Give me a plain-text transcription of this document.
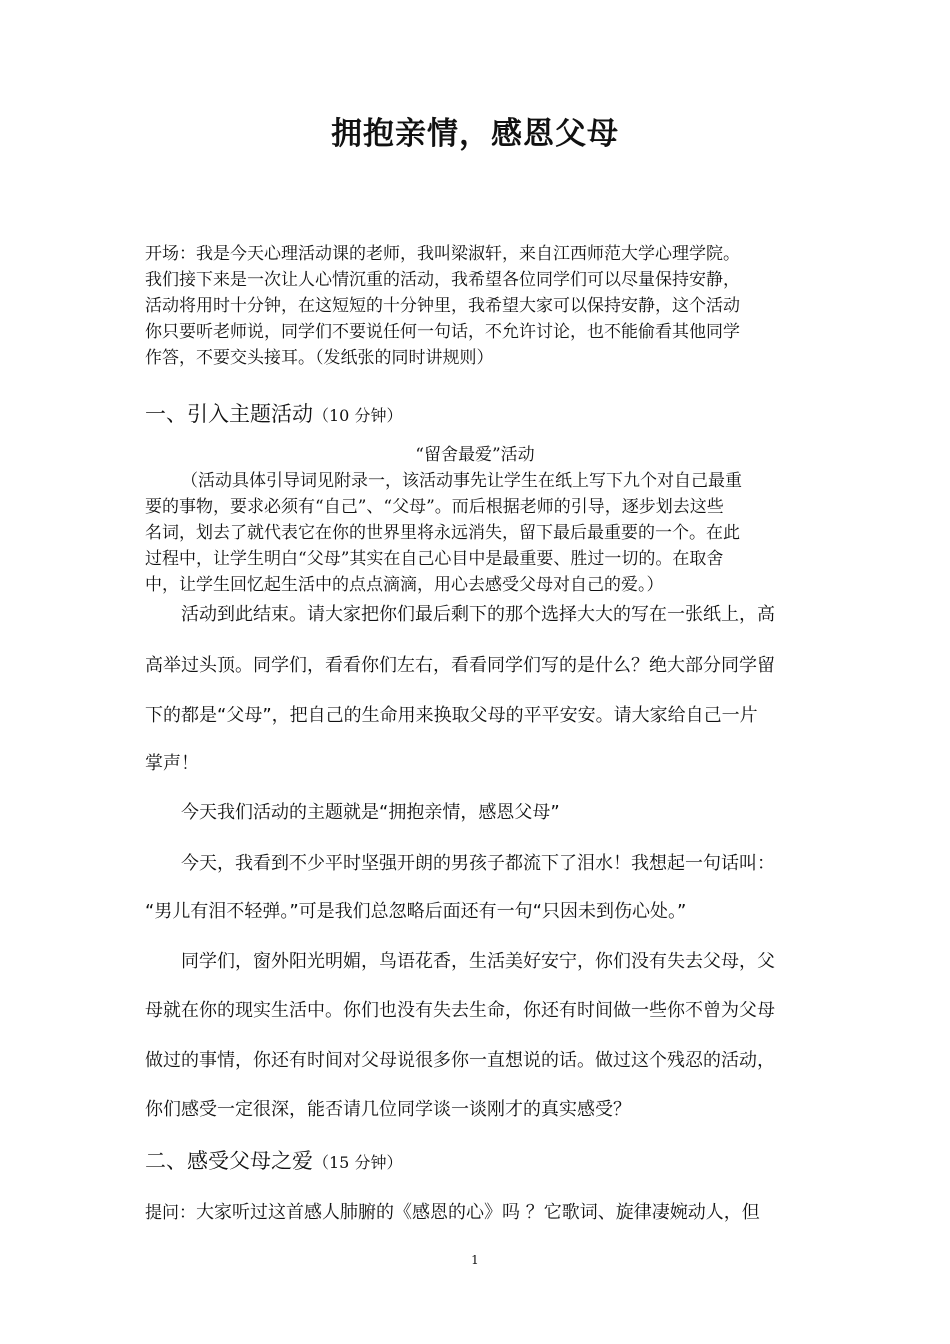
拥抱亲情，感恩父母
开场：我是今天心理活动课的老师，我叫梁淑轩，来自江西师范大学心理学院。
我们接下来是一次让人心情沉重的活动，我希望各位同学们可以尽量保持安静，
活动将用时十分钟，在这短短的十分钟里，我希望大家可以保持安静，这个活动
你只要听老师说，同学们不要说任何一句话，不允许讨论，也不能偷看其他同学
作答，不要交头接耳。（发纸张的同时讲规则）
一、引入主题活动（10 分钟）
“留舍最爱”活动
（活动具体引导词见附录一，该活动事先让学生在纸上写下九个对自己最重
要的事物，要求必须有“自己”、“父母”。而后根据老师的引导，逐步划去这些
名词，划去了就代表它在你的世界里将永远消失，留下最后最重要的一个。在此
过程中，让学生明白“父母”其实在自己心目中是最重要、胜过一切的。在取舍
中，让学生回忆起生活中的点点滴滴，用心去感受父母对自己的爱。）
活动到此结束。请大家把你们最后剩下的那个选择大大的写在一张纸上，高
高举过头顶。同学们，看看你们左右，看看同学们写的是什么？绝大部分同学留
下的都是“父母”，把自己的生命用来换取父母的平平安安。请大家给自己一片
掌声！
今天我们活动的主题就是“拥抱亲情，感恩父母”
今天，我看到不少平时坚强开朗的男孩子都流下了泪水！我想起一句话叫：
“男儿有泪不轻弹。”可是我们总忽略后面还有一句“只因未到伤心处。”
同学们，窗外阳光明媚，鸟语花香，生活美好安宁，你们没有失去父母，父
母就在你的现实生活中。你们也没有失去生命，你还有时间做一些你不曾为父母
做过的事情，你还有时间对父母说很多你一直想说的话。做过这个残忍的活动，
你们感受一定很深，能否请几位同学谈一谈刚才的真实感受？
二、感受父母之爱（15 分钟）
提问：大家听过这首感人肺腑的《感恩的心》吗 ？它歌词、旋律凄婉动人，但
1
